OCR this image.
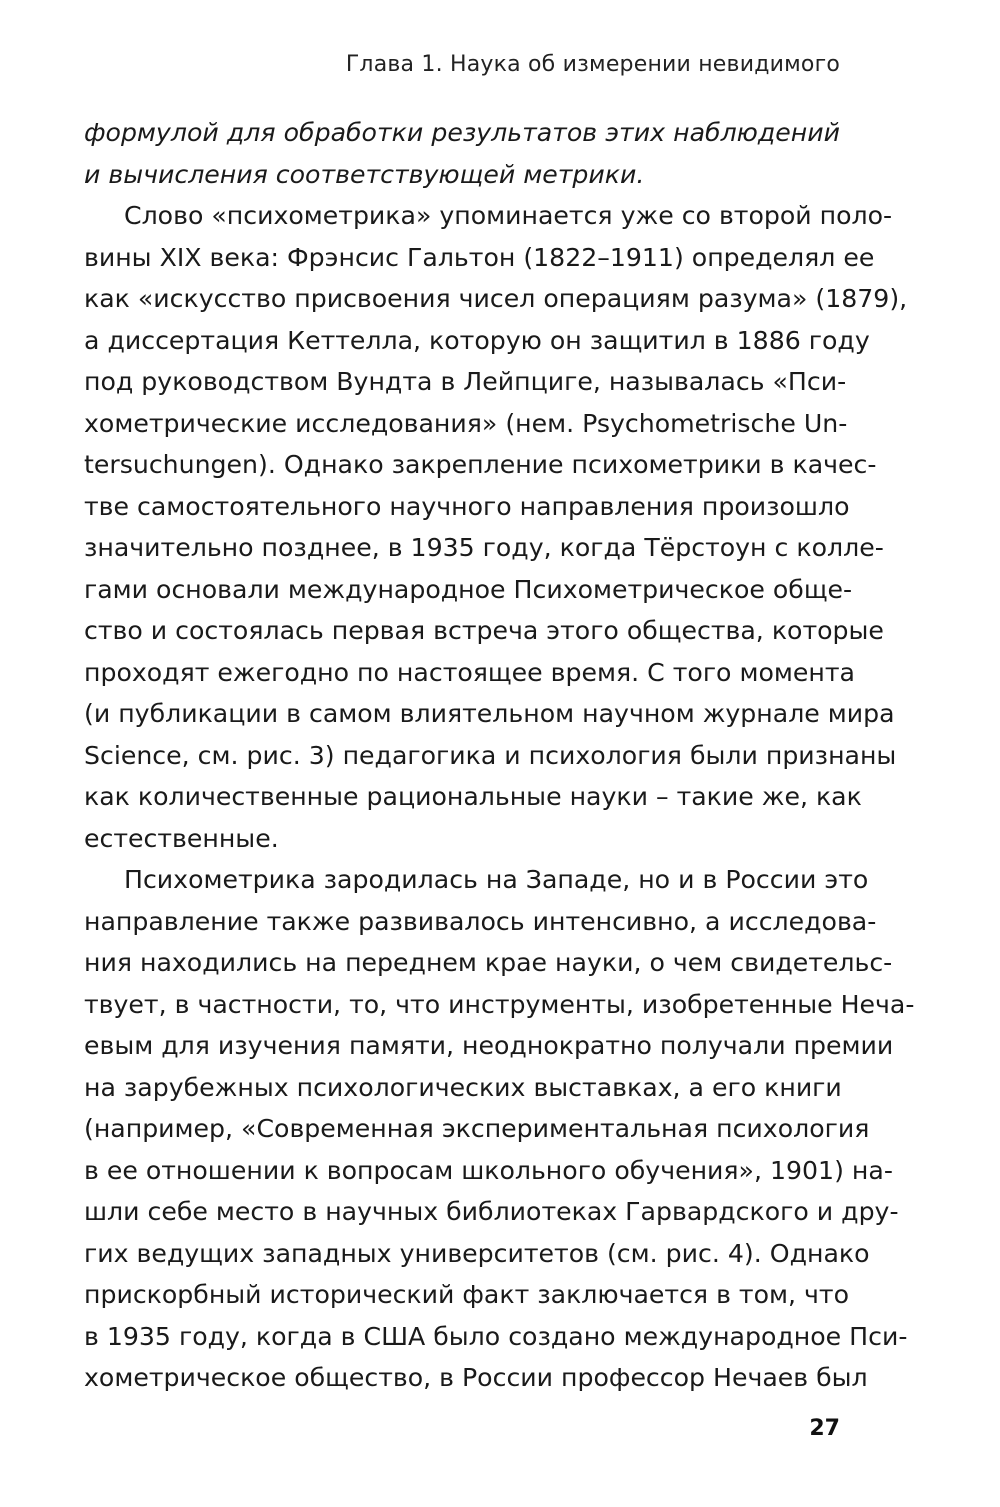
Глава 1. Наука об измерении невидимого
формулой для обработки результатов этих наблюдений
и вычисления соответствующей метрики.
Слово «психометрика» упоминается уже со второй поло-
вины XIX века: Фрэнсис Гальтон (1822–1911) определял ее
как «искусство присвоения чисел операциям разума» (1879),
а диссертация Кеттелла, которую он защитил в 1886 году
под руководством Вундта в Лейпциге, называлась «Пси-
хометрические исследования» (нем. Psychometrische Un-
tersuchungen). Однако закрепление психометрики в качес-
тве самостоятельного научного направления произошло
значительно позднее, в 1935 году, когда Тёрстоун с колле-
гами основали международное Психометрическое обще-
ство и состоялась первая встреча этого общества, которые
проходят ежегодно по настоящее время. С того момента
(и публикации в самом влиятельном научном журнале мира
Science, см. рис. 3) педагогика и психология были признаны
как количественные рациональные науки – такие же, как
естественные.
Психометрика зародилась на Западе, но и в России это
направление также развивалось интенсивно, а исследова-
ния находились на переднем крае науки, о чем свидетельс-
твует, в частности, то, что инструменты, изобретенные Неча-
евым для изучения памяти, неоднократно получали премии
на зарубежных психологических выставках, а его книги
(например, «Современная экспериментальная психология
в ее отношении к вопросам школьного обучения», 1901) на-
шли себе место в научных библиотеках Гарвардского и дру-
гих ведущих западных университетов (см. рис. 4). Однако
прискорбный исторический факт заключается в том, что
в 1935 году, когда в США было создано международное Пси-
хометрическое общество, в России профессор Нечаев был
27
